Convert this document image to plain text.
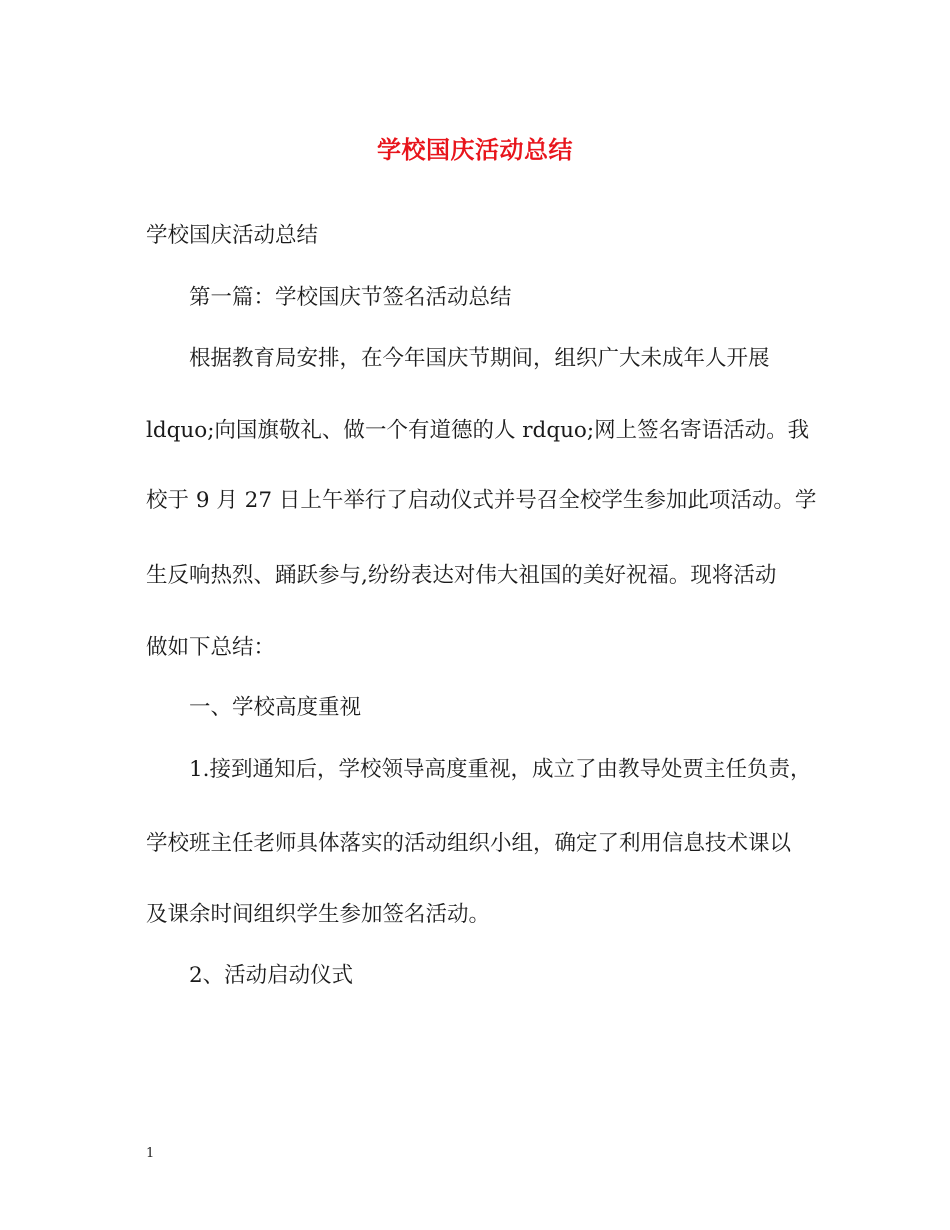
学校国庆活动总结
学校国庆活动总结
第一篇：学校国庆节签名活动总结
根据教育局安排，在今年国庆节期间，组织广大未成年人开展
ldquo;向国旗敬礼、做一个有道德的人 rdquo;网上签名寄语活动。我
校于 9 月 27 日上午举行了启动仪式并号召全校学生参加此项活动。学
生反响热烈、踊跃参与,纷纷表达对伟大祖国的美好祝福。现将活动
做如下总结：
一、学校高度重视
1.接到通知后，学校领导高度重视，成立了由教导处贾主任负责，
学校班主任老师具体落实的活动组织小组，确定了利用信息技术课以
及课余时间组织学生参加签名活动。
2、活动启动仪式
1
